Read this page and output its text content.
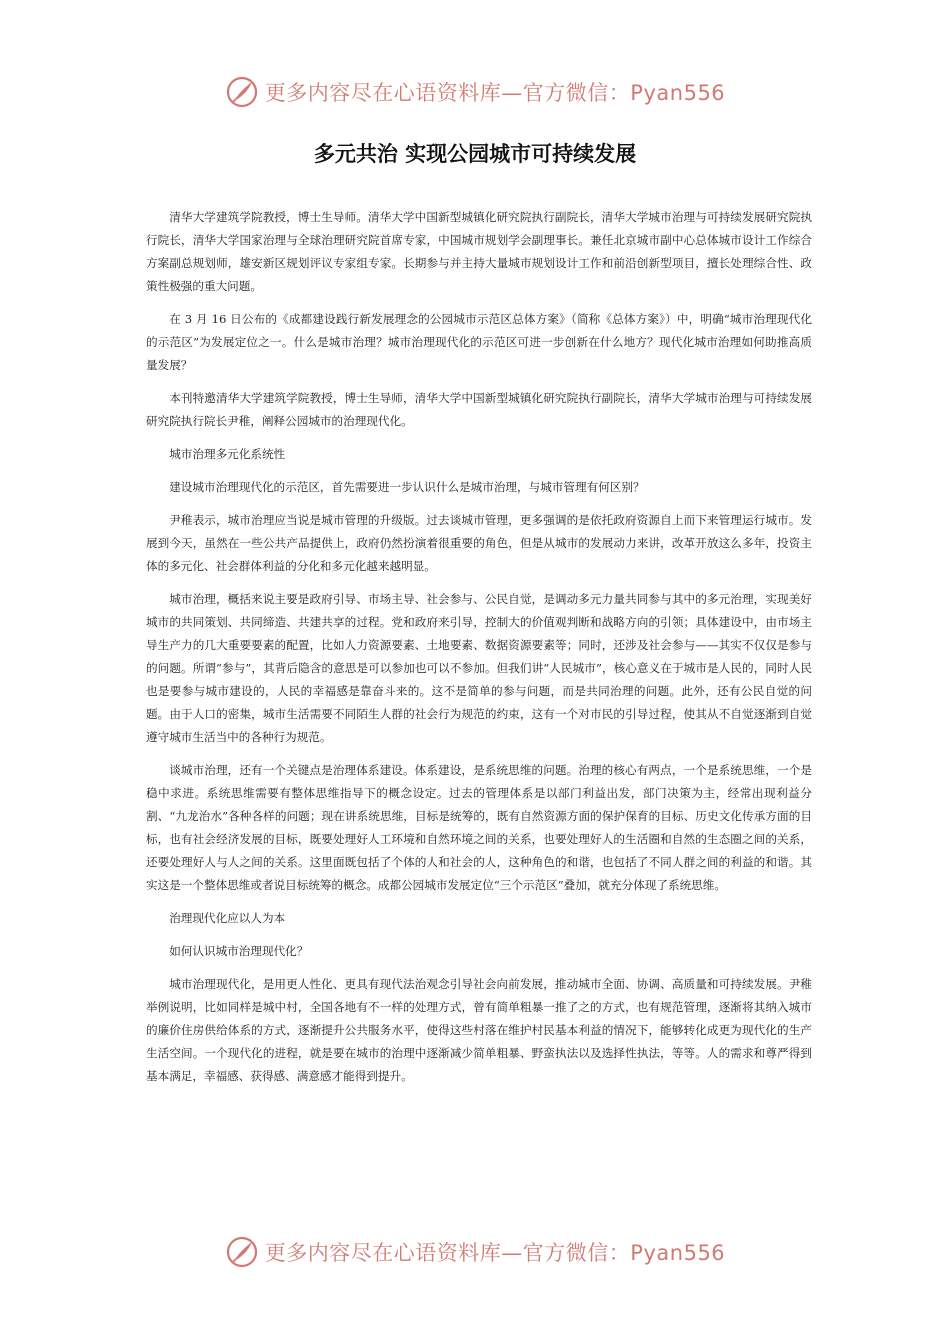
更多内容尽在心语资料库—官方微信：Pyan556
多元共治 实现公园城市可持续发展

清华大学建筑学院教授，博士生导师。清华大学中国新型城镇化研究院执行副院长，清华大学城市治理与可持续发展研究院执行院长，清华大学国家治理与全球治理研究院首席专家，中国城市规划学会副理事长。兼任北京城市副中心总体城市设计工作综合方案副总规划师，雄安新区规划评议专家组专家。长期参与并主持大量城市规划设计工作和前沿创新型项目，擅长处理综合性、政策性极强的重大问题。

在 3 月 16 日公布的《成都建设践行新发展理念的公园城市示范区总体方案》（简称《总体方案》）中，明确“城市治理现代化的示范区”为发展定位之一。什么是城市治理？城市治理现代化的示范区可进一步创新在什么地方？现代化城市治理如何助推高质量发展？

本刊特邀清华大学建筑学院教授，博士生导师，清华大学中国新型城镇化研究院执行副院长，清华大学城市治理与可持续发展研究院执行院长尹稚，阐释公园城市的治理现代化。

城市治理多元化系统性

建设城市治理现代化的示范区，首先需要进一步认识什么是城市治理，与城市管理有何区别？

尹稚表示，城市治理应当说是城市管理的升级版。过去谈城市管理，更多强调的是依托政府资源自上而下来管理运行城市。发展到今天，虽然在一些公共产品提供上，政府仍然扮演着很重要的角色，但是从城市的发展动力来讲，改革开放这么多年，投资主体的多元化、社会群体利益的分化和多元化越来越明显。

城市治理，概括来说主要是政府引导、市场主导、社会参与、公民自觉，是调动多元力量共同参与其中的多元治理，实现美好城市的共同策划、共同缔造、共建共享的过程。党和政府来引导，控制大的价值观判断和战略方向的引领；具体建设中，由市场主导生产力的几大重要要素的配置，比如人力资源要素、土地要素、数据资源要素等；同时，还涉及社会参与——其实不仅仅是参与的问题。所谓“参与”，其背后隐含的意思是可以参加也可以不参加。但我们讲“人民城市”，核心意义在于城市是人民的，同时人民也是要参与城市建设的，人民的幸福感是靠奋斗来的。这不是简单的参与问题，而是共同治理的问题。此外，还有公民自觉的问题。由于人口的密集，城市生活需要不同陌生人群的社会行为规范的约束，这有一个对市民的引导过程，使其从不自觉逐渐到自觉遵守城市生活当中的各种行为规范。

谈城市治理，还有一个关键点是治理体系建设。体系建设，是系统思维的问题。治理的核心有两点，一个是系统思维，一个是稳中求进。系统思维需要有整体思维指导下的概念设定。过去的管理体系是以部门利益出发，部门决策为主，经常出现利益分割、“九龙治水”各种各样的问题；现在讲系统思维，目标是统筹的，既有自然资源方面的保护保育的目标、历史文化传承方面的目标，也有社会经济发展的目标，既要处理好人工环境和自然环境之间的关系，也要处理好人的生活圈和自然的生态圈之间的关系，还要处理好人与人之间的关系。这里面既包括了个体的人和社会的人，这种角色的和谐，也包括了不同人群之间的利益的和谐。其实这是一个整体思维或者说目标统筹的概念。成都公园城市发展定位“三个示范区”叠加，就充分体现了系统思维。

治理现代化应以人为本

如何认识城市治理现代化？

城市治理现代化，是用更人性化、更具有现代法治观念引导社会向前发展，推动城市全面、协调、高质量和可持续发展。尹稚举例说明，比如同样是城中村，全国各地有不一样的处理方式，曾有简单粗暴一推了之的方式，也有规范管理，逐渐将其纳入城市的廉价住房供给体系的方式，逐渐提升公共服务水平，使得这些村落在维护村民基本利益的情况下，能够转化成更为现代化的生产生活空间。一个现代化的进程，就是要在城市的治理中逐渐减少简单粗暴、野蛮执法以及选择性执法，等等。人的需求和尊严得到基本满足，幸福感、获得感、满意感才能得到提升。

更多内容尽在心语资料库—官方微信：Pyan556
